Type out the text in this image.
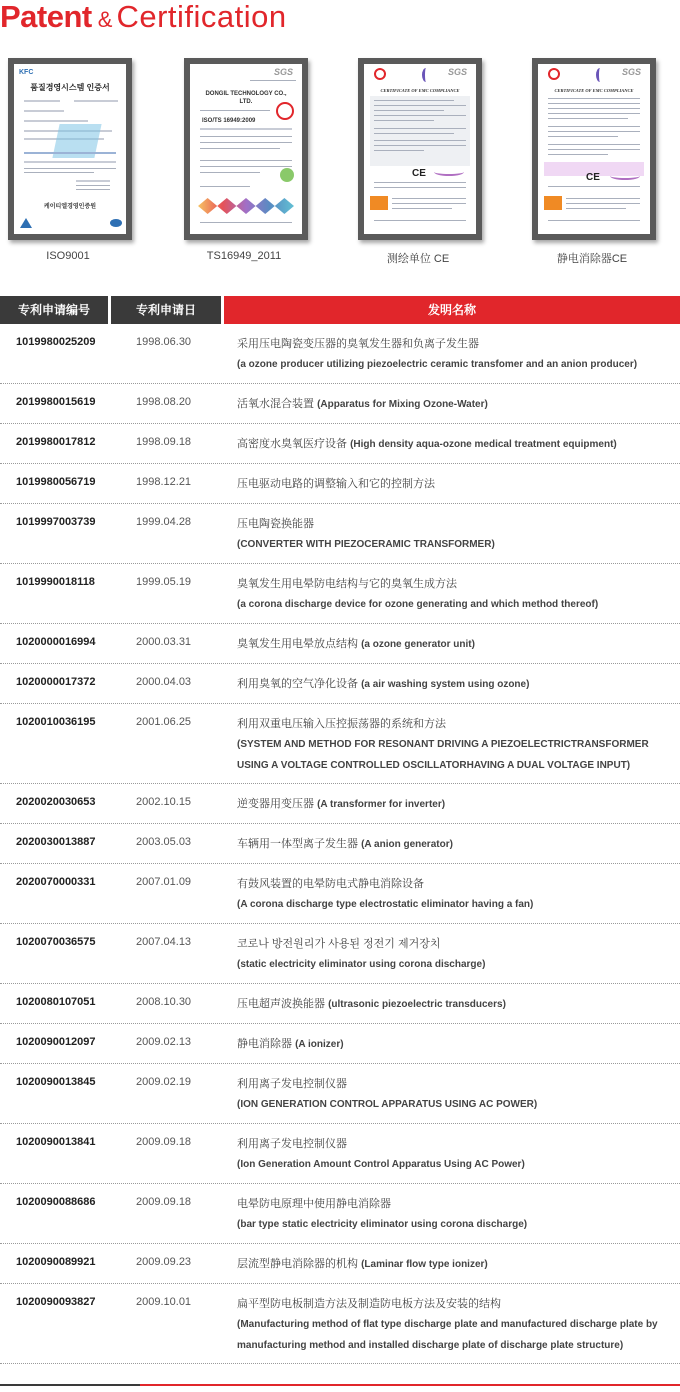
Patent & Certification
KFC
품질경영시스템 인증서
케이티엘경영인증원
ISO9001
SGS
DONGIL TECHNOLOGY CO., LTD.
ISO/TS 16949:2009
TS16949_2011
SGS
CERTIFICATE OF EMC COMPLIANCE
CE
测绘单位 CE
SGS
CERTIFICATE OF EMC COMPLIANCE
CE
静电消除器CE
专利申请编号	专利申请日	发明名称
1019980025209	1998.06.30	采用压电陶瓷变压器的臭氧发生器和负离子发生器
(a ozone producer utilizing piezoelectric ceramic transfomer and an anion producer)
2019980015619	1998.08.20	活氧水混合装置 (Apparatus for Mixing Ozone-Water)
2019980017812	1998.09.18	高密度水臭氧医疗设备 (High density aqua-ozone medical treatment equipment)
1019980056719	1998.12.21	压电驱动电路的调整输入和它的控制方法
1019997003739	1999.04.28	压电陶瓷换能器
(CONVERTER WITH PIEZOCERAMIC TRANSFORMER)
1019990018118	1999.05.19	臭氧发生用电晕防电结构与它的臭氧生成方法
(a corona discharge device for ozone generating and which method thereof)
1020000016994	2000.03.31	臭氧发生用电晕放点结构 (a ozone generator unit)
1020000017372	2000.04.03	利用臭氧的空气净化设备 (a air washing system using ozone)
1020010036195	2001.06.25	利用双重电压输入压控振荡器的系统和方法
(SYSTEM AND METHOD FOR RESONANT DRIVING A PIEZOELECTRICTRANSFORMER USING A VOLTAGE CONTROLLED OSCILLATORHAVING A DUAL VOLTAGE INPUT)
2020020030653	2002.10.15	逆变器用变压器 (A transformer for inverter)
2020030013887	2003.05.03	车辆用一体型离子发生器 (A anion generator)
2020070000331	2007.01.09	有鼓风装置的电晕防电式静电消除设备
(A corona discharge type electrostatic eliminator having a fan)
1020070036575	2007.04.13	코로나 방전원리가 사용된 정전기 제거장치
(static electricity eliminator using corona discharge)
1020080107051	2008.10.30	压电超声波换能器 (ultrasonic piezoelectric transducers)
1020090012097	2009.02.13	静电消除器 (A ionizer)
1020090013845	2009.02.19	利用离子发电控制仪器
(ION GENERATION CONTROL APPARATUS USING AC POWER)
1020090013841	2009.09.18	利用离子发电控制仪器
(Ion Generation Amount Control Apparatus Using AC Power)
1020090088686	2009.09.18	电晕防电原理中使用静电消除器
(bar type static electricity eliminator using corona discharge)
1020090089921	2009.09.23	层流型静电消除器的机构 (Laminar flow type ionizer)
1020090093827	2009.10.01	扁平型防电板制造方法及制造防电板方法及安装的结构
(Manufacturing method of flat type discharge plate and manufactured discharge plate by manufacturing method and installed discharge plate of discharge plate structure)
